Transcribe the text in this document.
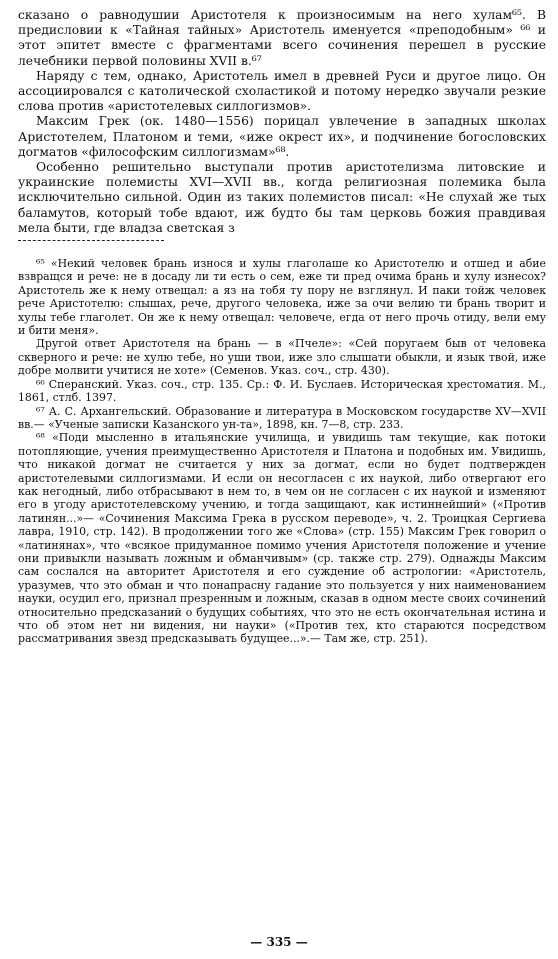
сказано о равнодушии Аристотеля к произносимым на него хулам⁶⁵. В предисловии к «Тайная тайных» Аристотель именуется «преподобным» ⁶⁶ и этот эпитет вместе с фрагментами всего сочинения перешел в русские лечебники первой половины XVII в.⁶⁷

Наряду с тем, однако, Аристотель имел в древней Руси и другое лицо. Он ассоциировался с католической схоластикой и потому нередко звучали резкие слова против «аристотелевых силлогизмов».

Максим Грек (ок. 1480—1556) порицал увлечение в западных школах Аристотелем, Платоном и теми, «иже окрест их», и подчинение богословских догматов «философским силлогизмам»⁶⁸.

Особенно решительно выступали против аристотелизма литовские и украинские полемисты XVI—XVII вв., когда религиозная полемика была исключительно сильной. Один из таких полемистов писал: «Не слухай же тых баламутов, который тобе вдают, иж будто бы там церковь божия правдивая мела быти, где владза светская з

⁶⁵ «Некий человек брань износя и хулы глаголаше ко Аристотелю и отшед и абие взвращся и рече: не в досаду ли ти есть о сем, еже ти пред очима брань и хулу изнесох? Аристотель же к нему отвещал: а яз на тобя ту пору не взглянул. И паки тойж человек рече Аристотелю: слышах, рече, другого человека, иже за очи велию ти брань творит и хулы тебе глаголет. Он же к нему отвещал: человече, егда от него прочь отиду, вели ему и бити меня».

Другой ответ Аристотеля на брань — в «Пчеле»: «Сей поругаем быв от человека скверного и рече: не хулю тебе, но уши твои, иже зло слышати обыкли, и язык твой, иже добре молвити учитися не хоте» (Семенов. Указ. соч., стр. 430).

⁶⁶ Сперанский. Указ. соч., стр. 135. Ср.: Ф. И. Буслаев. Историческая хрестоматия. М., 1861, стлб. 1397.

⁶⁷ А. С. Архангельский. Образование и литература в Московском государстве XV—XVII вв.— «Ученые записки Казанского ун-та», 1898, кн. 7—8, стр. 233.

⁶⁸ «Поди мысленно в итальянские училища, и увидишь там текущие, как потоки потопляющие, учения преимущественно Аристотеля и Платона и подобных им. Увидишь, что никакой догмат не считается у них за догмат, если но будет подтвержден аристотелевыми силлогизмами. И если он несогласен с их наукой, либо отвергают его как негодный, либо отбрасывают в нем то, в чем он не согласен с их наукой и изменяют его в угоду аристотелевскому учению, и тогда защищают, как истиннейший» («Против латинян...»— «Сочинения Максима Грека в русском переводе», ч. 2. Троицкая Сергиева лавра, 1910, стр. 142). В продолжении того же «Слова» (стр. 155) Максим Грек говорил о «латинянах», что «всякое придуманное помимо учения Аристотеля положение и учение они привыкли называть ложным и обманчивым» (ср. также стр. 279). Однажды Максим сам сослался на авторитет Аристотеля и его суждение об астрологии: «Аристотель, уразумев, что это обман и что понапрасну гадание это пользуется у них наименованием науки, осудил его, признал презренным и ложным, сказав в одном месте своих сочинений относительно предсказаний о будущих событиях, что это не есть окончательная истина и что об этом нет ни видения, ни науки» («Против тех, кто стараются посредством рассматривания звезд предсказывать будущее...».— Там же, стр. 251).

— 335 —
